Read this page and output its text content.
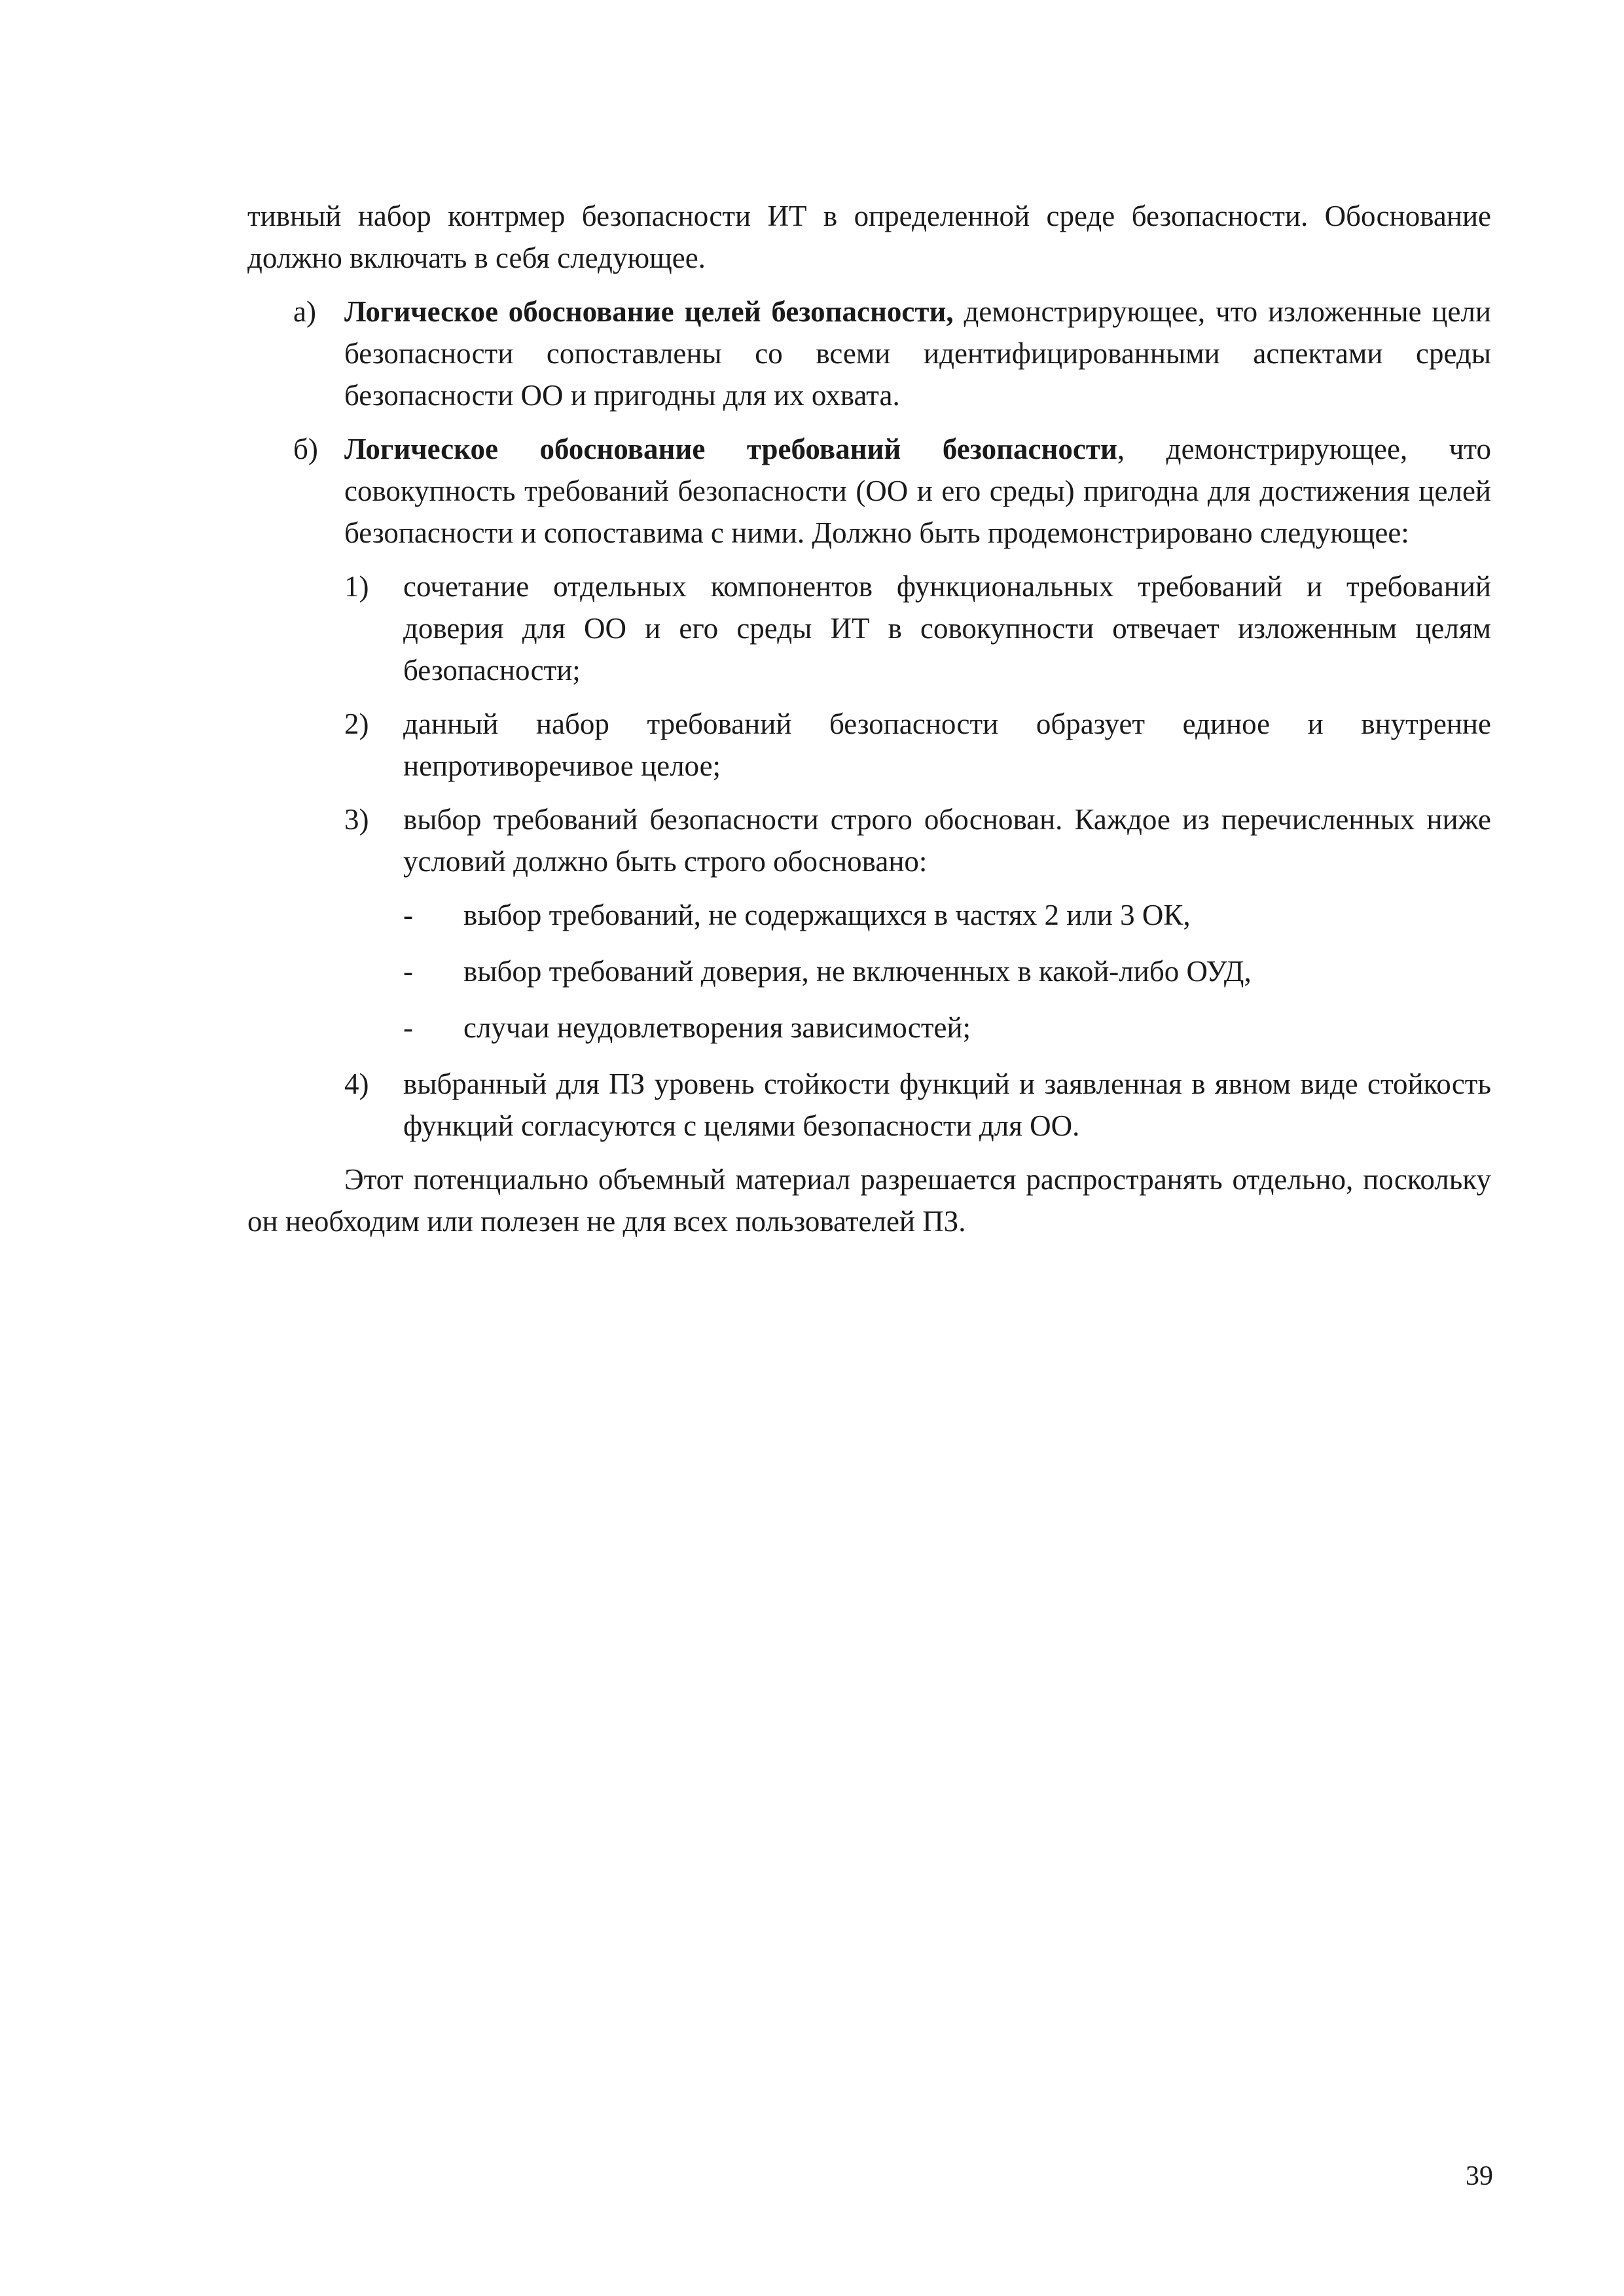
тивный набор контрмер безопасности ИТ в определенной среде безопасности. Обоснование должно включать в себя следующее.

а) Логическое обоснование целей безопасности, демонстрирующее, что изложенные цели безопасности сопоставлены со всеми идентифицированными аспектами среды безопасности ОО и пригодны для их охвата.
б) Логическое обоснование требований безопасности, демонстрирующее, что совокупность требований безопасности (ОО и его среды) пригодна для достижения целей безопасности и сопоставима с ними. Должно быть продемонстрировано следующее:
1)	сочетание отдельных компонентов функциональных требований и требований доверия для ОО и его среды ИТ в совокупности отвечает изложенным целям безопасности;
2)	данный набор требований безопасности образует единое и внутренне непротиворечивое целое;
3)	выбор требований безопасности строго обоснован. Каждое из перечисленных ниже условий должно быть строго обосновано:
-	выбор требований, не содержащихся в частях 2 или 3 ОК,
-	выбор требований доверия, не включенных в какой-либо ОУД,
-	случаи неудовлетворения зависимостей;
4)	выбранный для ПЗ уровень стойкости функций и заявленная в явном виде стойкость функций согласуются с целями безопасности для ОО.

Этот потенциально объемный материал разрешается распространять отдельно, поскольку он необходим или полезен не для всех пользователей ПЗ.

39
